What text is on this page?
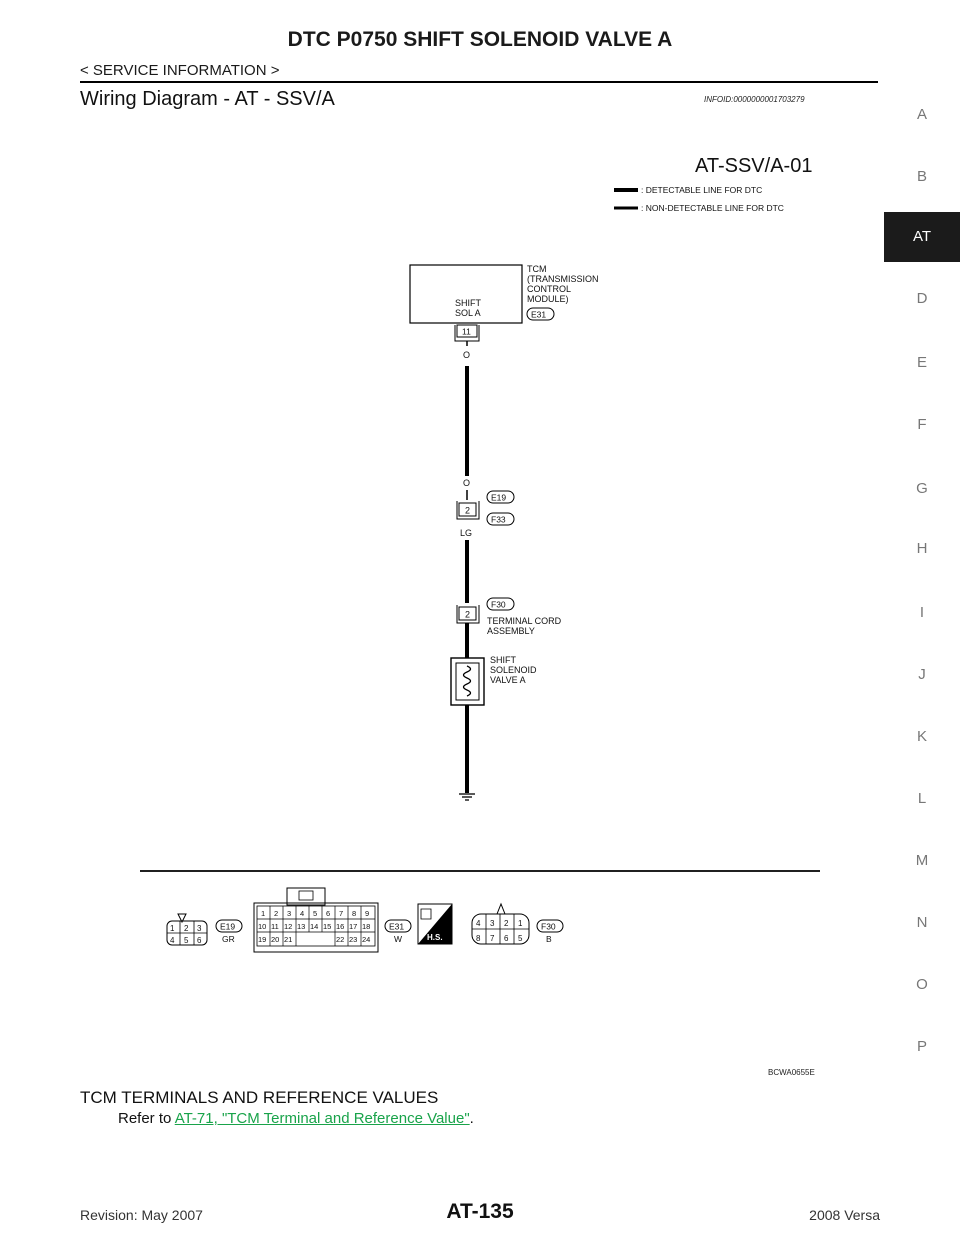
DTC P0750 SHIFT SOLENOID VALVE A
< SERVICE INFORMATION >
Wiring Diagram - AT - SSV/A	INFOID:0000000001703279
A
B
AT
D
E
F
G
H
I
J
K
L
M
N
O
P
AT-SSV/A-01
: DETECTABLE LINE FOR DTC
: NON-DETECTABLE LINE FOR DTC
TCM
(TRANSMISSION
CONTROL
MODULE)
E31
SHIFT
SOL A
11
O
O
2
E19
F33
LG
2
F30
TERMINAL CORD
ASSEMBLY
SHIFT
SOLENOID
VALVE A
1 2 3
4 5 6
E19
GR
1 2 3 4 5 6 7 8 9
10 11 12 13 14 15 16 17 18
19 20 21	22 23 24
E31
W	H.S.
4 3 2 1
8 7 6 5
F30
B
BCWA0655E
TCM TERMINALS AND REFERENCE VALUES
Refer to AT-71, "TCM Terminal and Reference Value".
Revision: May 2007	AT-135	2008 Versa
